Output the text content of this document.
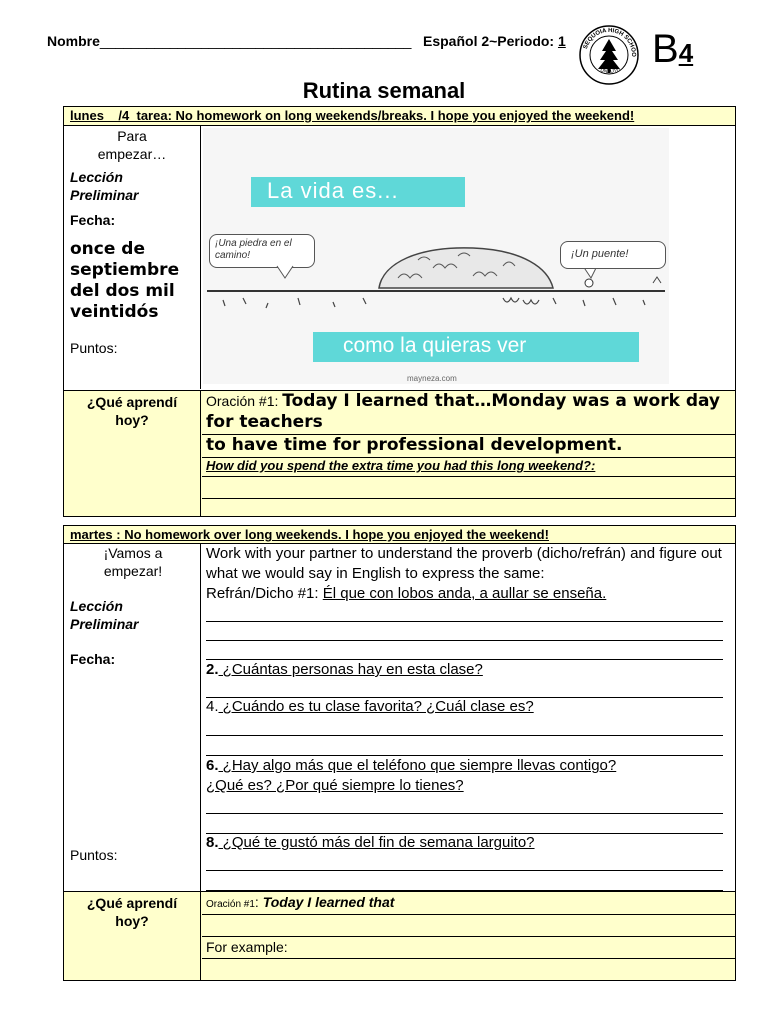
Nombre________________________________________ Español 2~Periodo: 1	SEQUOIA HIGH SCHOO
UNAUTH B4
Rutina semanal
lunes__/4_tarea: No homework on long weekends/breaks. I hope you enjoyed the weekend!
Para empezar…
Lección Preliminar
Fecha:
once de septiembre del dos mil veintidós
Puntos:
La vida es...
¡Una piedra en el camino!	¡Un puente!
como la quieras ver
mayneza.com
¿Qué aprendí hoy?
Oración #1: Today I learned that…Monday was a work day for teachers
to have time for professional development.
How did you spend the extra time you had this long weekend?:
martes : No homework over long weekends. I hope you enjoyed the weekend!
¡Vamos a empezar!
Lección Preliminar
Fecha:
Puntos:
Work with your partner to understand the proverb (dicho/refrán) and figure out what we would say in English to express the same:
Refrán/Dicho #1: Él que con lobos anda, a aullar se enseña.
2. ¿Cuántas personas hay en esta clase?
4. ¿Cuándo es tu clase favorita? ¿Cuál clase es?
6. ¿Hay algo más que el teléfono que siempre llevas contigo?
¿Qué es? ¿Por qué siempre lo tienes?
8. ¿Qué te gustó más del fin de semana larguito?
¿Qué aprendí hoy?
Oración #1: Today I learned that
For example:
